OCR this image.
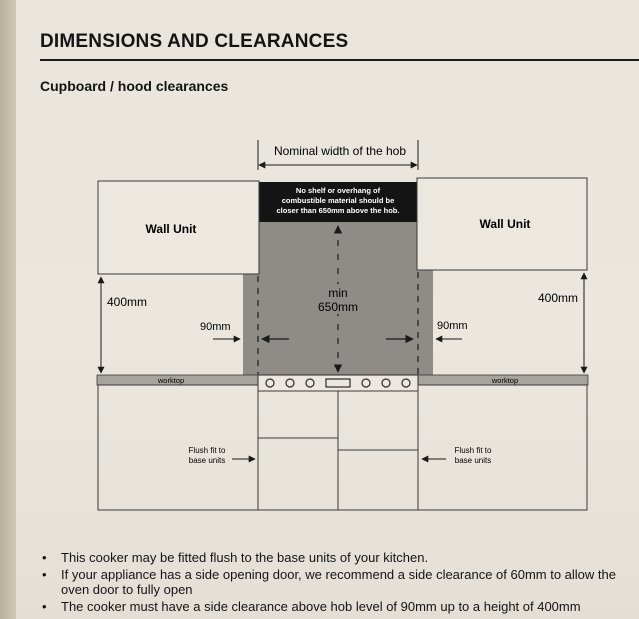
DIMENSIONS AND CLEARANCES
Cupboard / hood clearances
Nominal width of the hob
No shelf or overhang of
combustible material should be
closer than 650mm above the hob.
Wall Unit	Wall Unit
400mm	400mm
90mm	90mm
min
650mm
worktop	worktop
Flush fit to
base units
Flush fit to
base units
• This cooker may be fitted flush to the base units of your kitchen.
• If your appliance has a side opening door, we recommend a side clearance of 60mm to allow the oven door to fully open
• The cooker must have a side clearance above hob level of 90mm up to a height of 400mm
